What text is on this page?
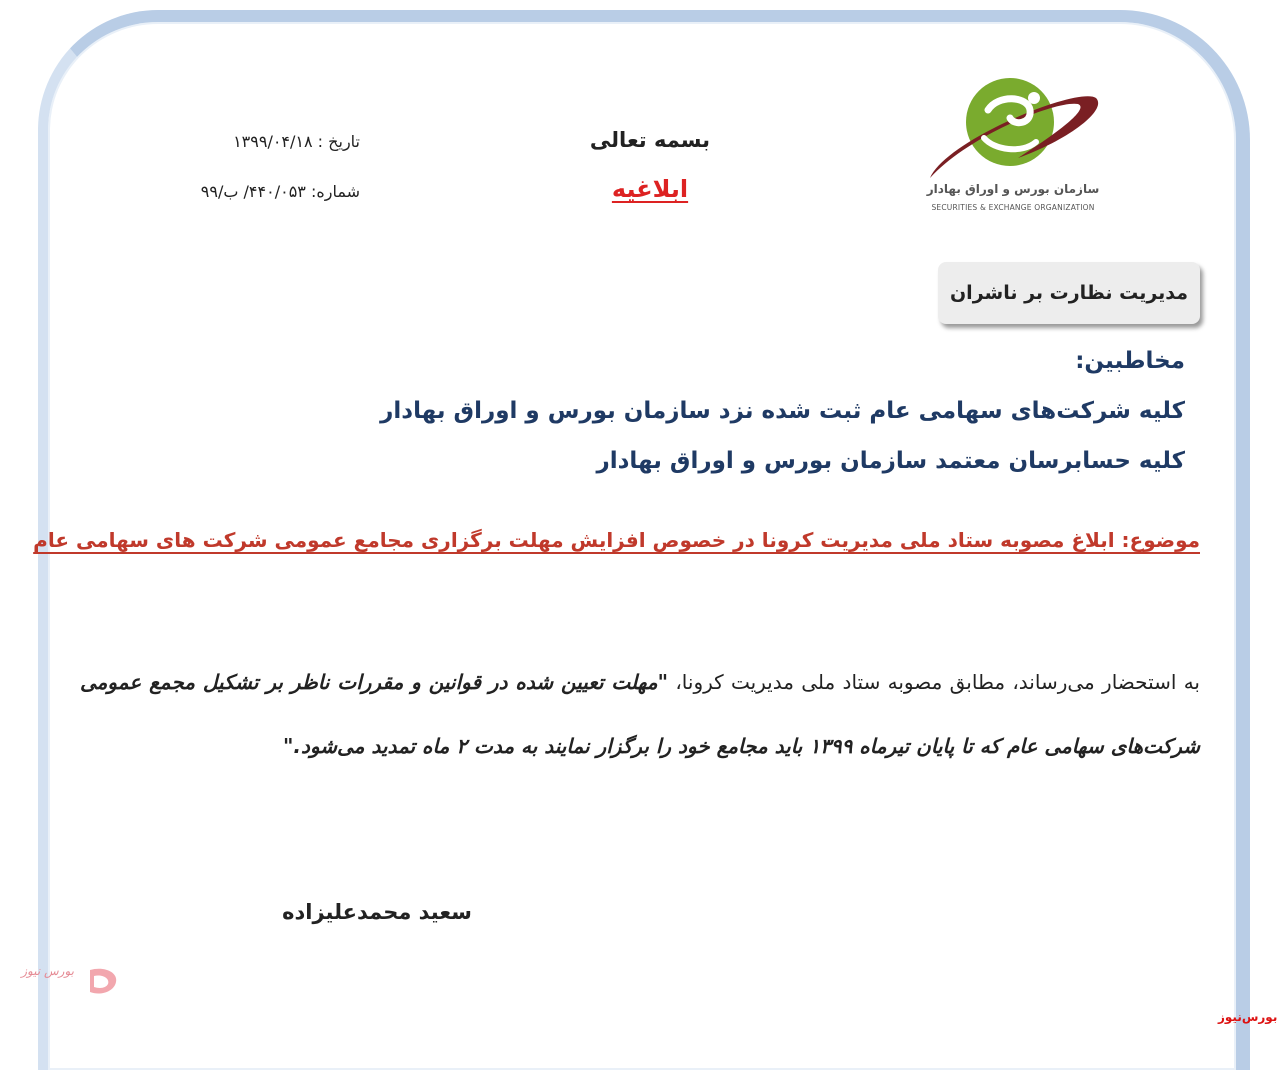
سازمان بورس و اوراق بهادار
SECURITIES & EXCHANGE ORGANIZATION
بسمه تعالی
ابلاغیه
تاریخ : ۱۳۹۹/۰۴/۱۸
شماره: ۴۴۰/۰۵۳/ ب/۹۹
مدیریت نظارت بر ناشران
مخاطبین:
کلیه شرکت‌های سهامی عام ثبت شده نزد سازمان بورس و اوراق بهادار
کلیه حسابرسان معتمد سازمان بورس و اوراق بهادار
موضوع: ابلاغ مصوبه ستاد ملی مدیریت کرونا در خصوص افزایش مهلت برگزاری مجامع عمومی شرکت های سهامی عام
به استحضار می‌رساند، مطابق مصوبه ستاد ملی مدیریت کرونا، "مهلت تعیین شده در قوانین و مقررات ناظر بر تشکیل مجمع عمومی شرکت‌های سهامی عام که تا پایان تیرماه ۱۳۹۹ باید مجامع خود را برگزار نمایند به مدت ۲ ماه تمدید می‌شود."
سعید محمدعلیزاده
بورس نیوز
بورس‌نیوز
